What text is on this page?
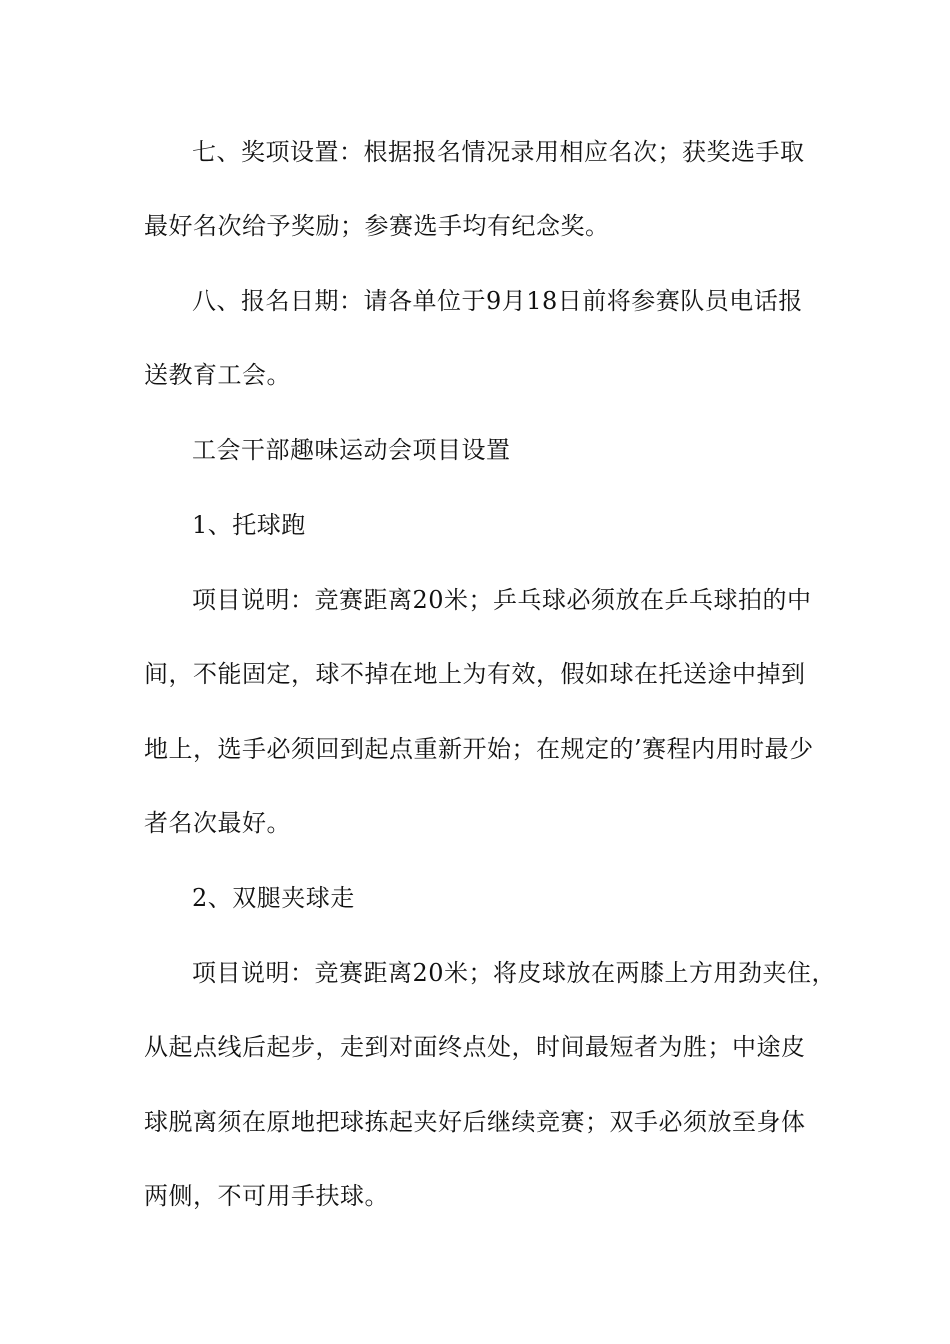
七、奖项设置：根据报名情况录用相应名次；获奖选手取
最好名次给予奖励；参赛选手均有纪念奖。
八、报名日期：请各单位于9月18日前将参赛队员电话报
送教育工会。
工会干部趣味运动会项目设置
1、托球跑
项目说明：竞赛距离20米；乒乓球必须放在乒乓球拍的中
间，不能固定，球不掉在地上为有效，假如球在托送途中掉到
地上，选手必须回到起点重新开始；在规定的’赛程内用时最少
者名次最好。
2、双腿夹球走
项目说明：竞赛距离20米；将皮球放在两膝上方用劲夹住，
从起点线后起步，走到对面终点处，时间最短者为胜；中途皮
球脱离须在原地把球拣起夹好后继续竞赛；双手必须放至身体
两侧，不可用手扶球。
